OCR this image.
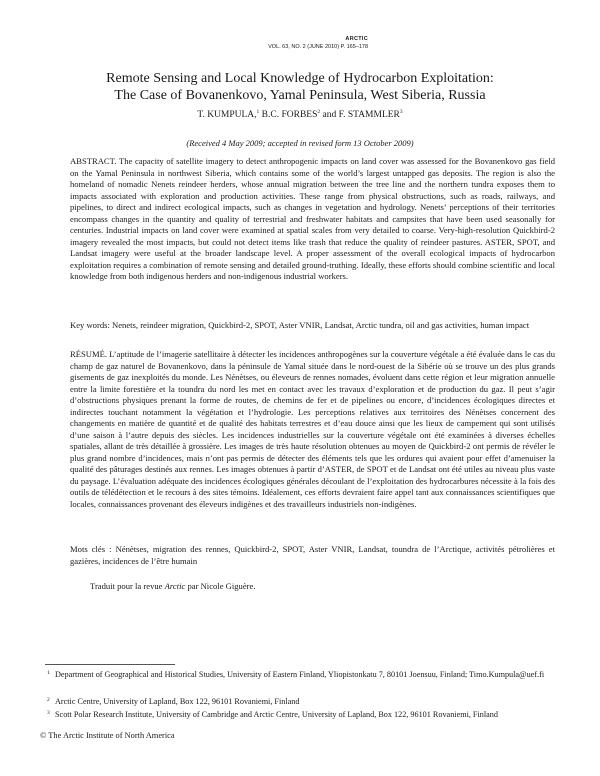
ARCTIC
VOL. 63, NO. 2 (JUNE 2010) P. 165–178
Remote Sensing and Local Knowledge of Hydrocarbon Exploitation:
The Case of Bovanenkovo, Yamal Peninsula, West Siberia, Russia
T. KUMPULA,$^1$ B.C. FORBES$^2$ and F. STAMMLER$^3$
(Received 4 May 2009; accepted in revised form 13 October 2009)
ABSTRACT. The capacity of satellite imagery to detect anthropogenic impacts on land cover was assessed for the Bovanenkovo gas field on the Yamal Peninsula in northwest Siberia, which contains some of the world’s largest untapped gas deposits. The region is also the homeland of nomadic Nenets reindeer herders, whose annual migration between the tree line and the northern tundra exposes them to impacts associated with exploration and production activities. These range from physical obstructions, such as roads, railways, and pipelines, to direct and indirect ecological impacts, such as changes in vegetation and hydrology. Nenets’ perceptions of their territories encompass changes in the quantity and quality of terrestrial and freshwater habitats and campsites that have been used seasonally for centuries. Industrial impacts on land cover were examined at spatial scales from very detailed to coarse. Very-high-resolution Quickbird-2 imagery revealed the most impacts, but could not detect items like trash that reduce the quality of reindeer pastures. ASTER, SPOT, and Landsat imagery were useful at the broader landscape level. A proper assessment of the overall ecological impacts of hydrocarbon exploitation requires a combination of remote sensing and detailed ground-truthing. Ideally, these efforts should combine scientific and local knowledge from both indigenous herders and non-indigenous industrial workers.
Key words: Nenets, reindeer migration, Quickbird-2, SPOT, Aster VNIR, Landsat, Arctic tundra, oil and gas activities, human impact
RÉSUMÉ. L’aptitude de l’imagerie satellitaire à détecter les incidences anthropogènes sur la couverture végétale a été évaluée dans le cas du champ de gaz naturel de Bovanenkovo, dans la péninsule de Yamal située dans le nord-ouest de la Sibérie où se trouve un des plus grands gisements de gaz inexploités du monde. Les Nénètses, ou éleveurs de rennes nomades, évoluent dans cette région et leur migration annuelle entre la limite forestière et la toundra du nord les met en contact avec les travaux d’exploration et de production du gaz. Il peut s’agir d’obstructions physiques prenant la forme de routes, de chemins de fer et de pipelines ou encore, d’incidences écologiques directes et indirectes touchant notamment la végétation et l’hydrologie. Les perceptions relatives aux territoires des Nénètses concernent des changements en matière de quantité et de qualité des habitats terrestres et d’eau douce ainsi que les lieux de campement qui sont utilisés d’une saison à l’autre depuis des siècles. Les incidences industrielles sur la couverture végétale ont été examinées à diverses échelles spatiales, allant de très détaillée à grossière. Les images de très haute résolution obtenues au moyen de Quickbird-2 ont permis de révéler le plus grand nombre d’incidences, mais n’ont pas permis de détecter des éléments tels que les ordures qui avaient pour effet d’amenuiser la qualité des pâturages destinés aux rennes. Les images obtenues à partir d’ASTER, de SPOT et de Landsat ont été utiles au niveau plus vaste du paysage. L’évaluation adéquate des incidences écologiques générales découlant de l’exploitation des hydrocarbures nécessite à la fois des outils de télédétection et le recours à des sites témoins. Idéalement, ces efforts devraient faire appel tant aux connaissances scientifiques que locales, connaissances provenant des éleveurs indigènes et des travailleurs industriels non-indigènes.
Mots clés : Nénètses, migration des rennes, Quickbird-2, SPOT, Aster VNIR, Landsat, toundra de l’Arctique, activités pétrolières et gazières, incidences de l’être humain
Traduit pour la revue Arctic par Nicole Giguère.
1 Department of Geographical and Historical Studies, University of Eastern Finland, Yliopistonkatu 7, 80101 Joensuu, Finland; Timo.Kumpula@uef.fi
2 Arctic Centre, University of Lapland, Box 122, 96101 Rovaniemi, Finland
3 Scott Polar Research Institute, University of Cambridge and Arctic Centre, University of Lapland, Box 122, 96101 Rovaniemi, Finland
© The Arctic Institute of North America
